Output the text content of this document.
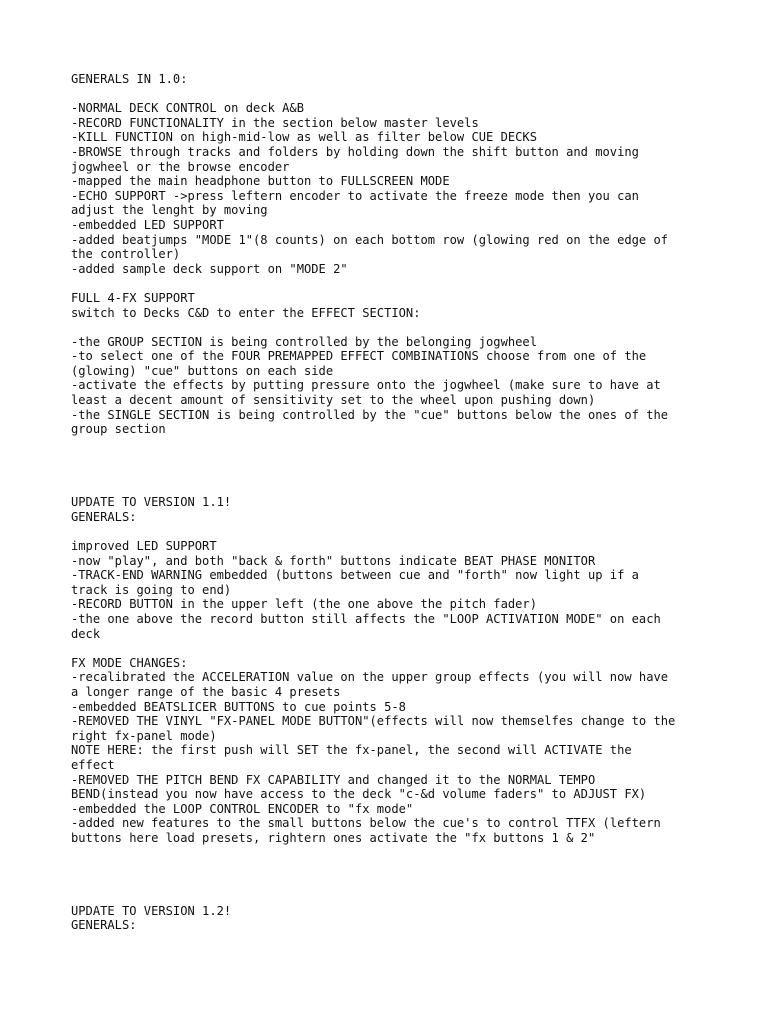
GENERALS IN 1.0:
-NORMAL DECK CONTROL on deck A&B
-RECORD FUNCTIONALITY in the section below master levels
-KILL FUNCTION on high-mid-low as well as filter below CUE DECKS
-BROWSE through tracks and folders by holding down the shift button and moving
jogwheel or the browse encoder
-mapped the main headphone button to FULLSCREEN MODE
-ECHO SUPPORT ->press leftern encoder to activate the freeze mode then you can
adjust the lenght by moving
-embedded LED SUPPORT
-added beatjumps "MODE 1"(8 counts) on each bottom row (glowing red on the edge of
the controller)
-added sample deck support on "MODE 2"
FULL 4-FX SUPPORT
switch to Decks C&D to enter the EFFECT SECTION:
-the GROUP SECTION is being controlled by the belonging jogwheel
-to select one of the FOUR PREMAPPED EFFECT COMBINATIONS choose from one of the
(glowing) "cue" buttons on each side
-activate the effects by putting pressure onto the jogwheel (make sure to have at
least a decent amount of sensitivity set to the wheel upon pushing down)
-the SINGLE SECTION is being controlled by the "cue" buttons below the ones of the
group section
UPDATE TO VERSION 1.1!
GENERALS:
improved LED SUPPORT
-now "play", and both "back & forth" buttons indicate BEAT PHASE MONITOR
-TRACK-END WARNING embedded (buttons between cue and "forth" now light up if a
track is going to end)
-RECORD BUTTON in the upper left (the one above the pitch fader)
-the one above the record button still affects the "LOOP ACTIVATION MODE" on each
deck
FX MODE CHANGES:
-recalibrated the ACCELERATION value on the upper group effects (you will now have
a longer range of the basic 4 presets
-embedded BEATSLICER BUTTONS to cue points 5-8
-REMOVED THE VINYL "FX-PANEL MODE BUTTON"(effects will now themselfes change to the
right fx-panel mode)
NOTE HERE: the first push will SET the fx-panel, the second will ACTIVATE the
effect
-REMOVED THE PITCH BEND FX CAPABILITY and changed it to the NORMAL TEMPO
BEND(instead you now have access to the deck "c-&d volume faders" to ADJUST FX)
-embedded the LOOP CONTROL ENCODER to "fx mode"
-added new features to the small buttons below the cue's to control TTFX (leftern
buttons here load presets, rightern ones activate the "fx buttons 1 & 2"
UPDATE TO VERSION 1.2!
GENERALS:
